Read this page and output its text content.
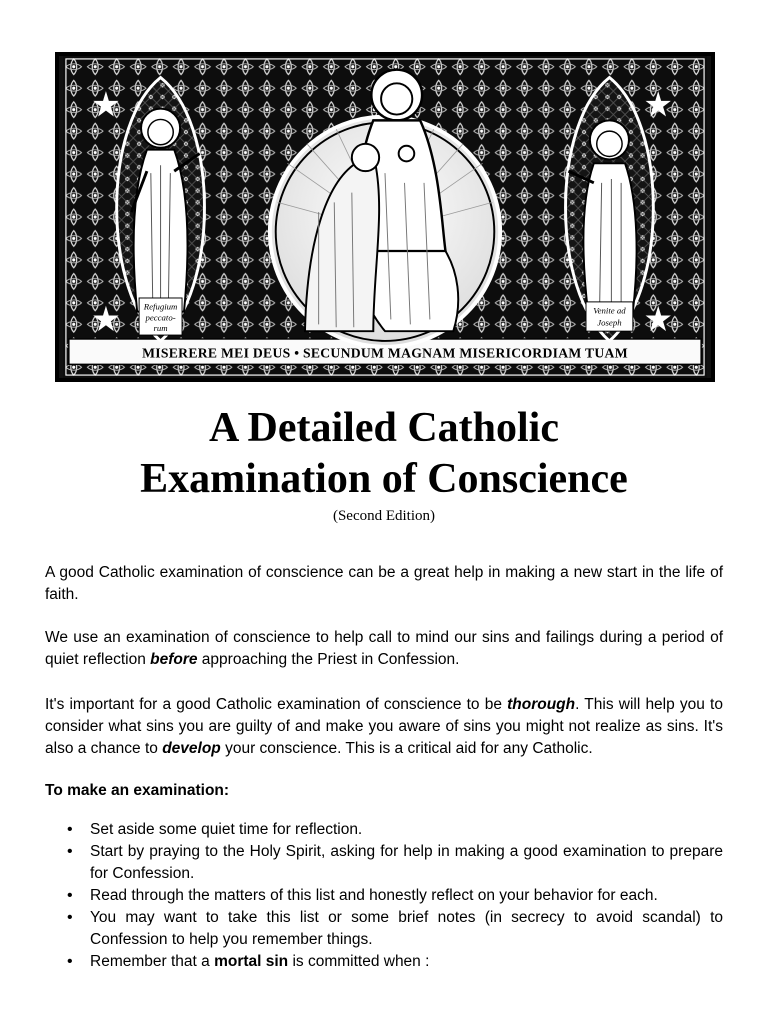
Refugium
peccato-
rum
Venite ad
Joseph
MISERERE MEI DEUS • SECUNDUM MAGNAM MISERICORDIAM TUAM
A Detailed Catholic
Examination of Conscience
(Second Edition)
A good Catholic examination of conscience can be a great help in making a new start in the life of faith.
We use an examination of conscience to help call to mind our sins and failings during a period of quiet reflection before approaching the Priest in Confession.
It's important for a good Catholic examination of conscience to be thorough. This will help you to consider what sins you are guilty of and make you aware of sins you might not realize as sins. It's also a chance to develop your conscience. This is a critical aid for any Catholic.
To make an examination:
• Set aside some quiet time for reflection.
• Start by praying to the Holy Spirit, asking for help in making a good examination to prepare for Confession.
• Read through the matters of this list and honestly reflect on your behavior for each.
• You may want to take this list or some brief notes (in secrecy to avoid scandal) to Confession to help you remember things.
• Remember that a mortal sin is committed when :
